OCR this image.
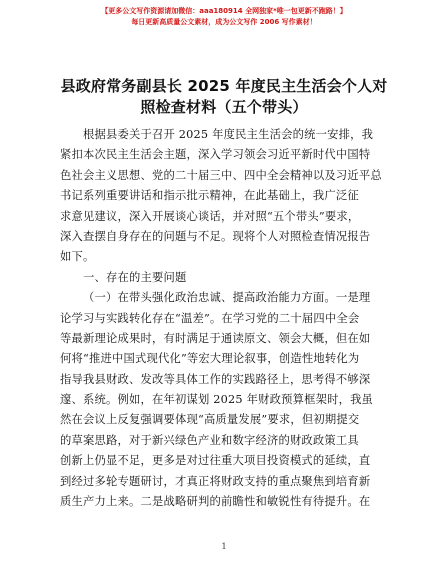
【更多公文写作资源请加微信：aaa180914 全网独家*唯一包更新不跑路！】
每日更新高质量公文素材，成为公文写作 2006 写作素材！
县政府常务副县长 2025 年度民主生活会个人对
照检查材料（五个带头）
根据县委关于召开 2025 年度民主生活会的统一安排，我
紧扣本次民主生活会主题，深入学习领会习近平新时代中国特
色社会主义思想、党的二十届三中、四中全会精神以及习近平总
书记系列重要讲话和指示批示精神，在此基础上，我广泛征
求意见建议，深入开展谈心谈话，并对照“五个带头”要求，
深入查摆自身存在的问题与不足。现将个人对照检查情况报告
如下。
一、存在的主要问题
（一）在带头强化政治忠诚、提高政治能力方面。一是理
论学习与实践转化存在“温差”。在学习党的二十届四中全会
等最新理论成果时，有时满足于通读原文、领会大概，但在如
何将“推进中国式现代化”等宏大理论叙事，创造性地转化为
指导我县财政、发改等具体工作的实践路径上，思考得不够深
邃、系统。例如，在年初谋划 2025 年财政预算框架时，我虽
然在会议上反复强调要体现“高质量发展”要求，但初期提交
的草案思路，对于新兴绿色产业和数字经济的财政政策工具
创新上仍显不足，更多是对过往重大项目投资模式的延续，直
到经过多轮专题研讨，才真正将财政支持的重点聚焦到培育新
质生产力上来。二是战略研判的前瞻性和敏锐性有待提升。在
1
